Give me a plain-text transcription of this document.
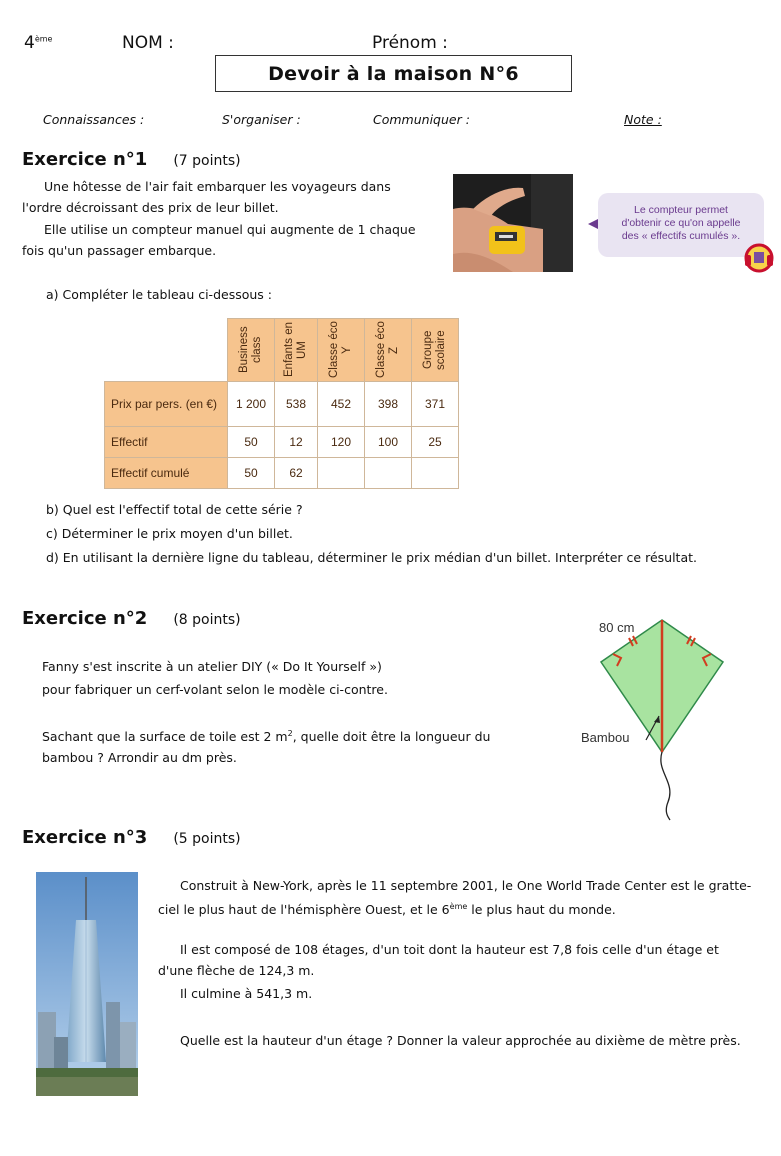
4ème	NOM :	Prénom :
Devoir à la maison N°6
Connaissances :	S'organiser :	Communiquer :	Note :
Exercice n°1 (7 points)
Une hôtesse de l'air fait embarquer les voyageurs dans l'ordre décroissant des prix de leur billet.
Elle utilise un compteur manuel qui augmente de 1 chaque fois qu'un passager embarque.
Le compteur permet
d'obtenir ce qu'on appelle
des « effectifs cumulés ».
a) Compléter le tableau ci-dessous :

	Business class	Enfants en UM	Classe éco Y	Classe éco Z	Groupe scolaire

Prix par pers. (en €)	1 200	538	452	398	371
Effectif	50	12	120	100	25
Effectif cumulé	50	62			
b) Quel est l'effectif total de cette série ?
c) Déterminer le prix moyen d'un billet.
d) En utilisant la dernière ligne du tableau, déterminer le prix médian d'un billet. Interpréter ce résultat.
Exercice n°2 (8 points)
Fanny s'est inscrite à un atelier DIY (« Do It Yourself »)
pour fabriquer un cerf-volant selon le modèle ci-contre.
Sachant que la surface de toile est 2 $m^2$, quelle doit être la longueur du
bambou ? Arrondir au dm près.
80 cm
Bambou
Exercice n°3 (5 points)
Construit à New-York, après le 11 septembre 2001, le One World Trade Center est le gratte-ciel le plus haut de l'hémisphère Ouest, et le 6ème le plus haut du monde.
Il est composé de 108 étages, d'un toit dont la hauteur est 7,8 fois celle d'un étage et d'une flèche de 124,3 m.
Il culmine à 541,3 m.
Quelle est la hauteur d'un étage ? Donner la valeur approchée au dixième de mètre près.
